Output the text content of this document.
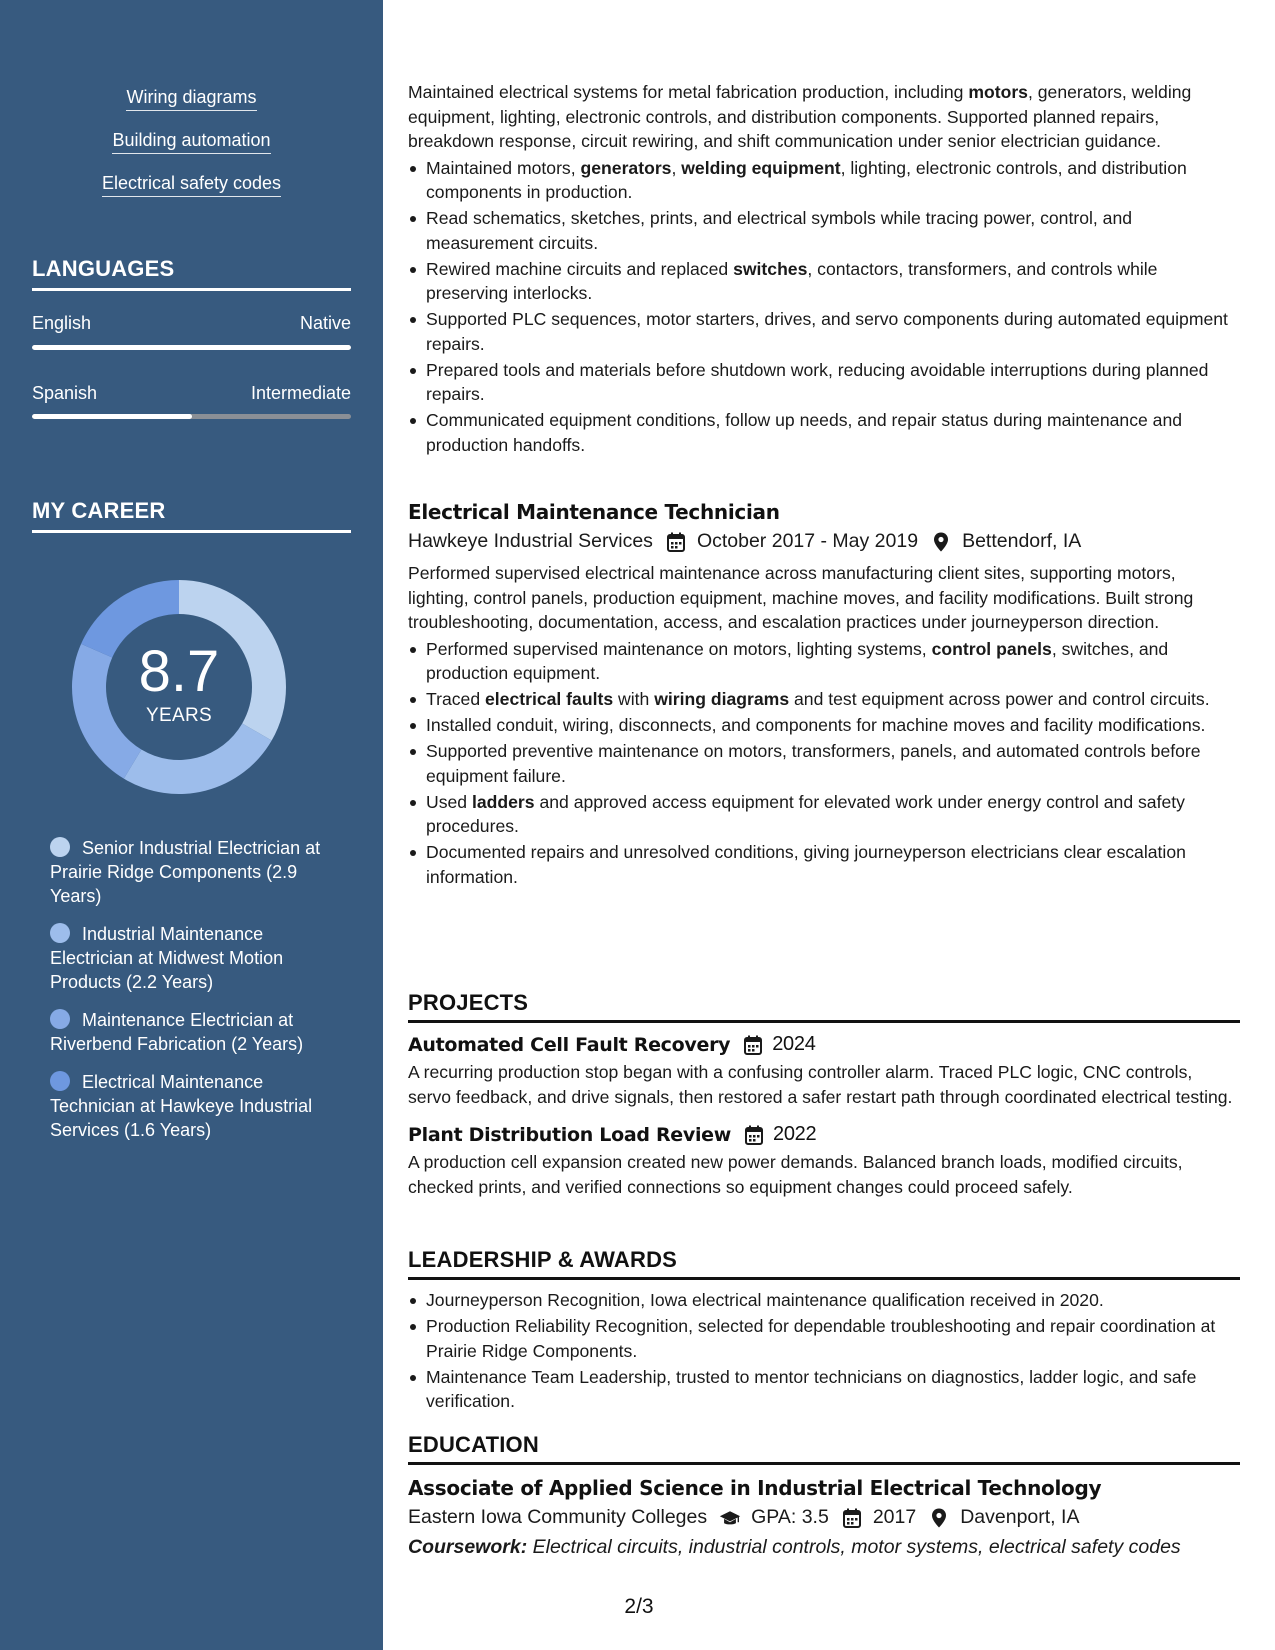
Wiring diagrams
Building automation
Electrical safety codes
LANGUAGES
English	Native
Spanish	Intermediate
MY CAREER
8.7
YEARS
Senior Industrial Electrician at Prairie Ridge Components (2.9 Years)
Industrial Maintenance Electrician at Midwest Motion Products (2.2 Years)
Maintenance Electrician at Riverbend Fabrication (2 Years)
Electrical Maintenance Technician at Hawkeye Industrial Services (1.6 Years)

Maintained electrical systems for metal fabrication production, including motors, generators, welding equipment, lighting, electronic controls, and distribution components. Supported planned repairs, breakdown response, circuit rewiring, and shift communication under senior electrician guidance.

Maintained motors, generators, welding equipment, lighting, electronic controls, and distribution components in production.
Read schematics, sketches, prints, and electrical symbols while tracing power, control, and measurement circuits.
Rewired machine circuits and replaced switches, contactors, transformers, and controls while preserving interlocks.
Supported PLC sequences, motor starters, drives, and servo components during automated equipment repairs.
Prepared tools and materials before shutdown work, reducing avoidable interruptions during planned repairs.
Communicated equipment conditions, follow up needs, and repair status during maintenance and production handoffs.
Electrical Maintenance Technician
Hawkeye Industrial Services October 2017 - May 2019 Bettendorf, IA

Performed supervised electrical maintenance across manufacturing client sites, supporting motors, lighting, control panels, production equipment, machine moves, and facility modifications. Built strong troubleshooting, documentation, access, and escalation practices under journeyperson direction.

Performed supervised maintenance on motors, lighting systems, control panels, switches, and production equipment.
Traced electrical faults with wiring diagrams and test equipment across power and control circuits.
Installed conduit, wiring, disconnects, and components for machine moves and facility modifications.
Supported preventive maintenance on motors, transformers, panels, and automated controls before equipment failure.
Used ladders and approved access equipment for elevated work under energy control and safety procedures.
Documented repairs and unresolved conditions, giving journeyperson electricians clear escalation information.
PROJECTS
Automated Cell Fault Recovery 2024

A recurring production stop began with a confusing controller alarm. Traced PLC logic, CNC controls, servo feedback, and drive signals, then restored a safer restart path through coordinated electrical testing.

Plant Distribution Load Review 2022

A production cell expansion created new power demands. Balanced branch loads, modified circuits, checked prints, and verified connections so equipment changes could proceed safely.

LEADERSHIP & AWARDS
Journeyperson Recognition, Iowa electrical maintenance qualification received in 2020.
Production Reliability Recognition, selected for dependable troubleshooting and repair coordination at Prairie Ridge Components.
Maintenance Team Leadership, trusted to mentor technicians on diagnostics, ladder logic, and safe verification.
EDUCATION
Associate of Applied Science in Industrial Electrical Technology
Eastern Iowa Community Colleges GPA: 3.5 2017 Davenport, IA
Coursework: Electrical circuits, industrial controls, motor systems, electrical safety codes
2/3
